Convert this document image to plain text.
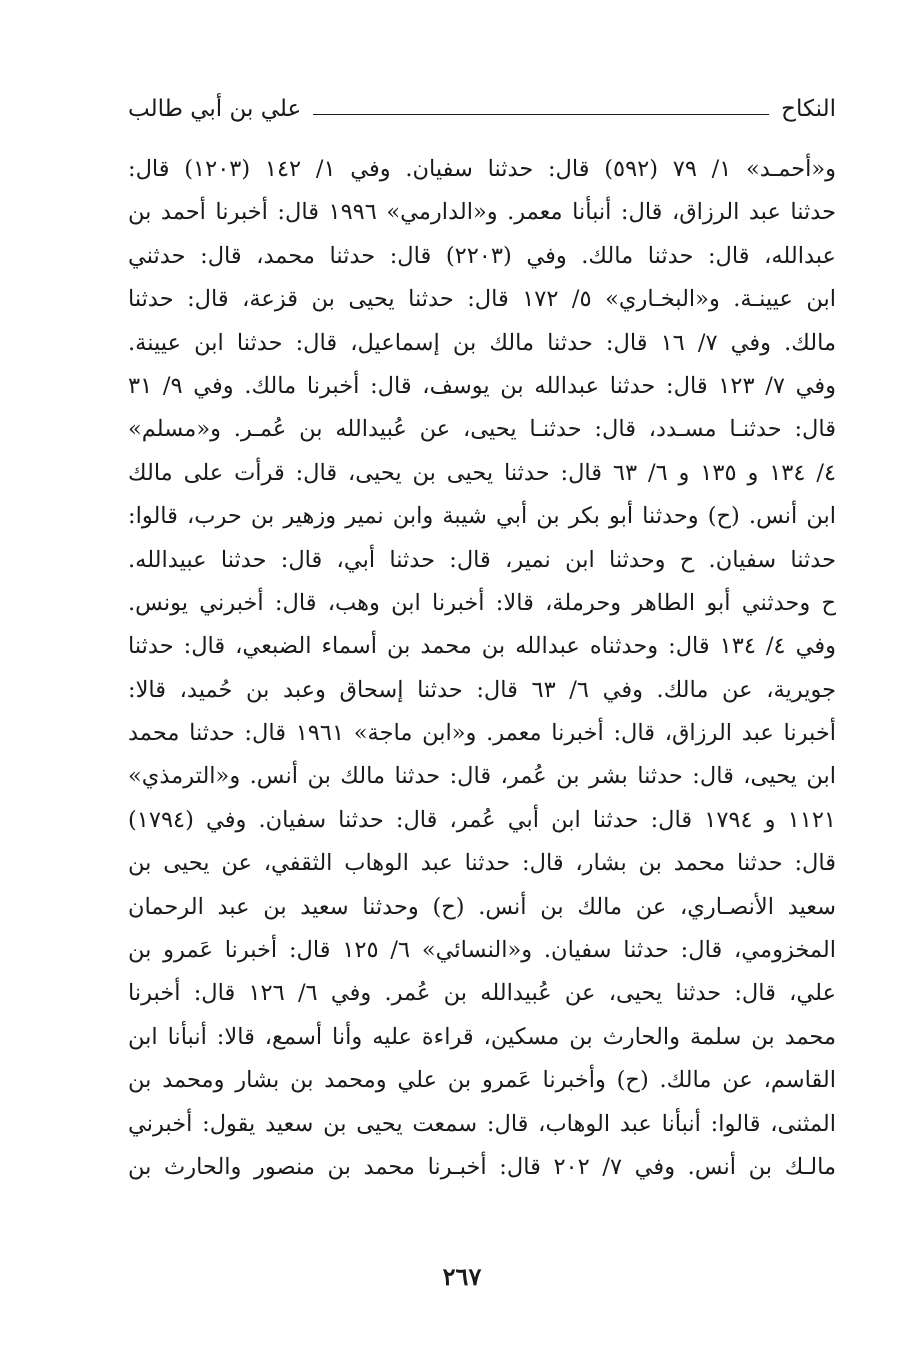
النكاح
علي بن أبي طالب
و«أحمـد» ١/ ٧٩ (٥٩٢) قال: حدثنا سفيان. وفي ١/ ١٤٢ (١٢٠٣) قال:
حدثنا عبد الرزاق، قال: أنبأنا معمر. و«الدارمي» ١٩٩٦ قال: أخبرنا أحمد بن
عبدالله، قال: حدثنا مالك. وفي (٢٢٠٣) قال: حدثنا محمد، قال: حدثني
ابن عيينـة. و«البخـاري» ٥/ ١٧٢ قال: حدثنا يحيى بن قزعة، قال: حدثنا
مالك. وفي ٧/ ١٦ قال: حدثنا مالك بن إسماعيل، قال: حدثنا ابن عيينة.
وفي ٧/ ١٢٣ قال: حدثنا عبدالله بن يوسف، قال: أخبرنا مالك. وفي ٩/ ٣١
قال: حدثنـا مسـدد، قال: حدثنـا يحيى، عن عُبيدالله بن عُمـر. و«مسلم»
٤/ ١٣٤ و ١٣٥ و ٦/ ٦٣ قال: حدثنا يحيى بن يحيى، قال: قرأت على مالك
ابن أنس. (ح) وحدثنا أبو بكر بن أبي شيبة وابن نمير وزهير بن حرب، قالوا:
حدثنا سفيان. ح وحدثنا ابن نمير، قال: حدثنا أبي، قال: حدثنا عبيدالله.
ح وحدثني أبو الطاهر وحرملة، قالا: أخبرنا ابن وهب، قال: أخبرني يونس.
وفي ٤/ ١٣٤ قال: وحدثناه عبدالله بن محمد بن أسماء الضبعي، قال: حدثنا
جويرية، عن مالك. وفي ٦/ ٦٣ قال: حدثنا إسحاق وعبد بن حُميد، قالا:
أخبرنا عبد الرزاق، قال: أخبرنا معمر. و«ابن ماجة» ١٩٦١ قال: حدثنا محمد
ابن يحيى، قال: حدثنا بشر بن عُمر، قال: حدثنا مالك بن أنس. و«الترمذي»
١١٢١ و ١٧٩٤ قال: حدثنا ابن أبي عُمر، قال: حدثنا سفيان. وفي (١٧٩٤)
قال: حدثنا محمد بن بشار، قال: حدثنا عبد الوهاب الثقفي، عن يحيى بن
سعيد الأنصـاري، عن مالك بن أنس. (ح) وحدثنا سعيد بن عبد الرحمان
المخزومي، قال: حدثنا سفيان. و«النسائي» ٦/ ١٢٥ قال: أخبرنا عَمرو بن
علي، قال: حدثنا يحيى، عن عُبيدالله بن عُمر. وفي ٦/ ١٢٦ قال: أخبرنا
محمد بن سلمة والحارث بن مسكين، قراءة عليه وأنا أسمع، قالا: أنبأنا ابن
القاسم، عن مالك. (ح) وأخبرنا عَمرو بن علي ومحمد بن بشار ومحمد بن
المثنى، قالوا: أنبأنا عبد الوهاب، قال: سمعت يحيى بن سعيد يقول: أخبرني
مالـك بن أنس. وفي ٧/ ٢٠٢ قال: أخبـرنا محمد بن منصور والحارث بن
٢٦٧
